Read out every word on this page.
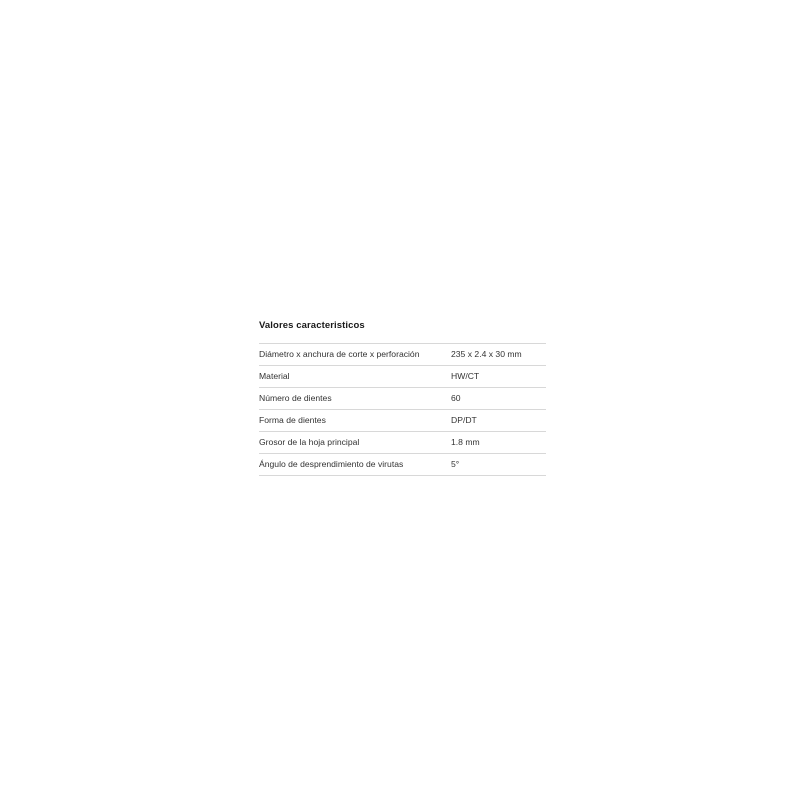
Valores caracteristicos
Diámetro x anchura de corte x perforación	235 x 2.4 x 30 mm
Material	HW/CT
Número de dientes	60
Forma de dientes	DP/DT
Grosor de la hoja principal	1.8 mm
Ángulo de desprendimiento de virutas	5°
